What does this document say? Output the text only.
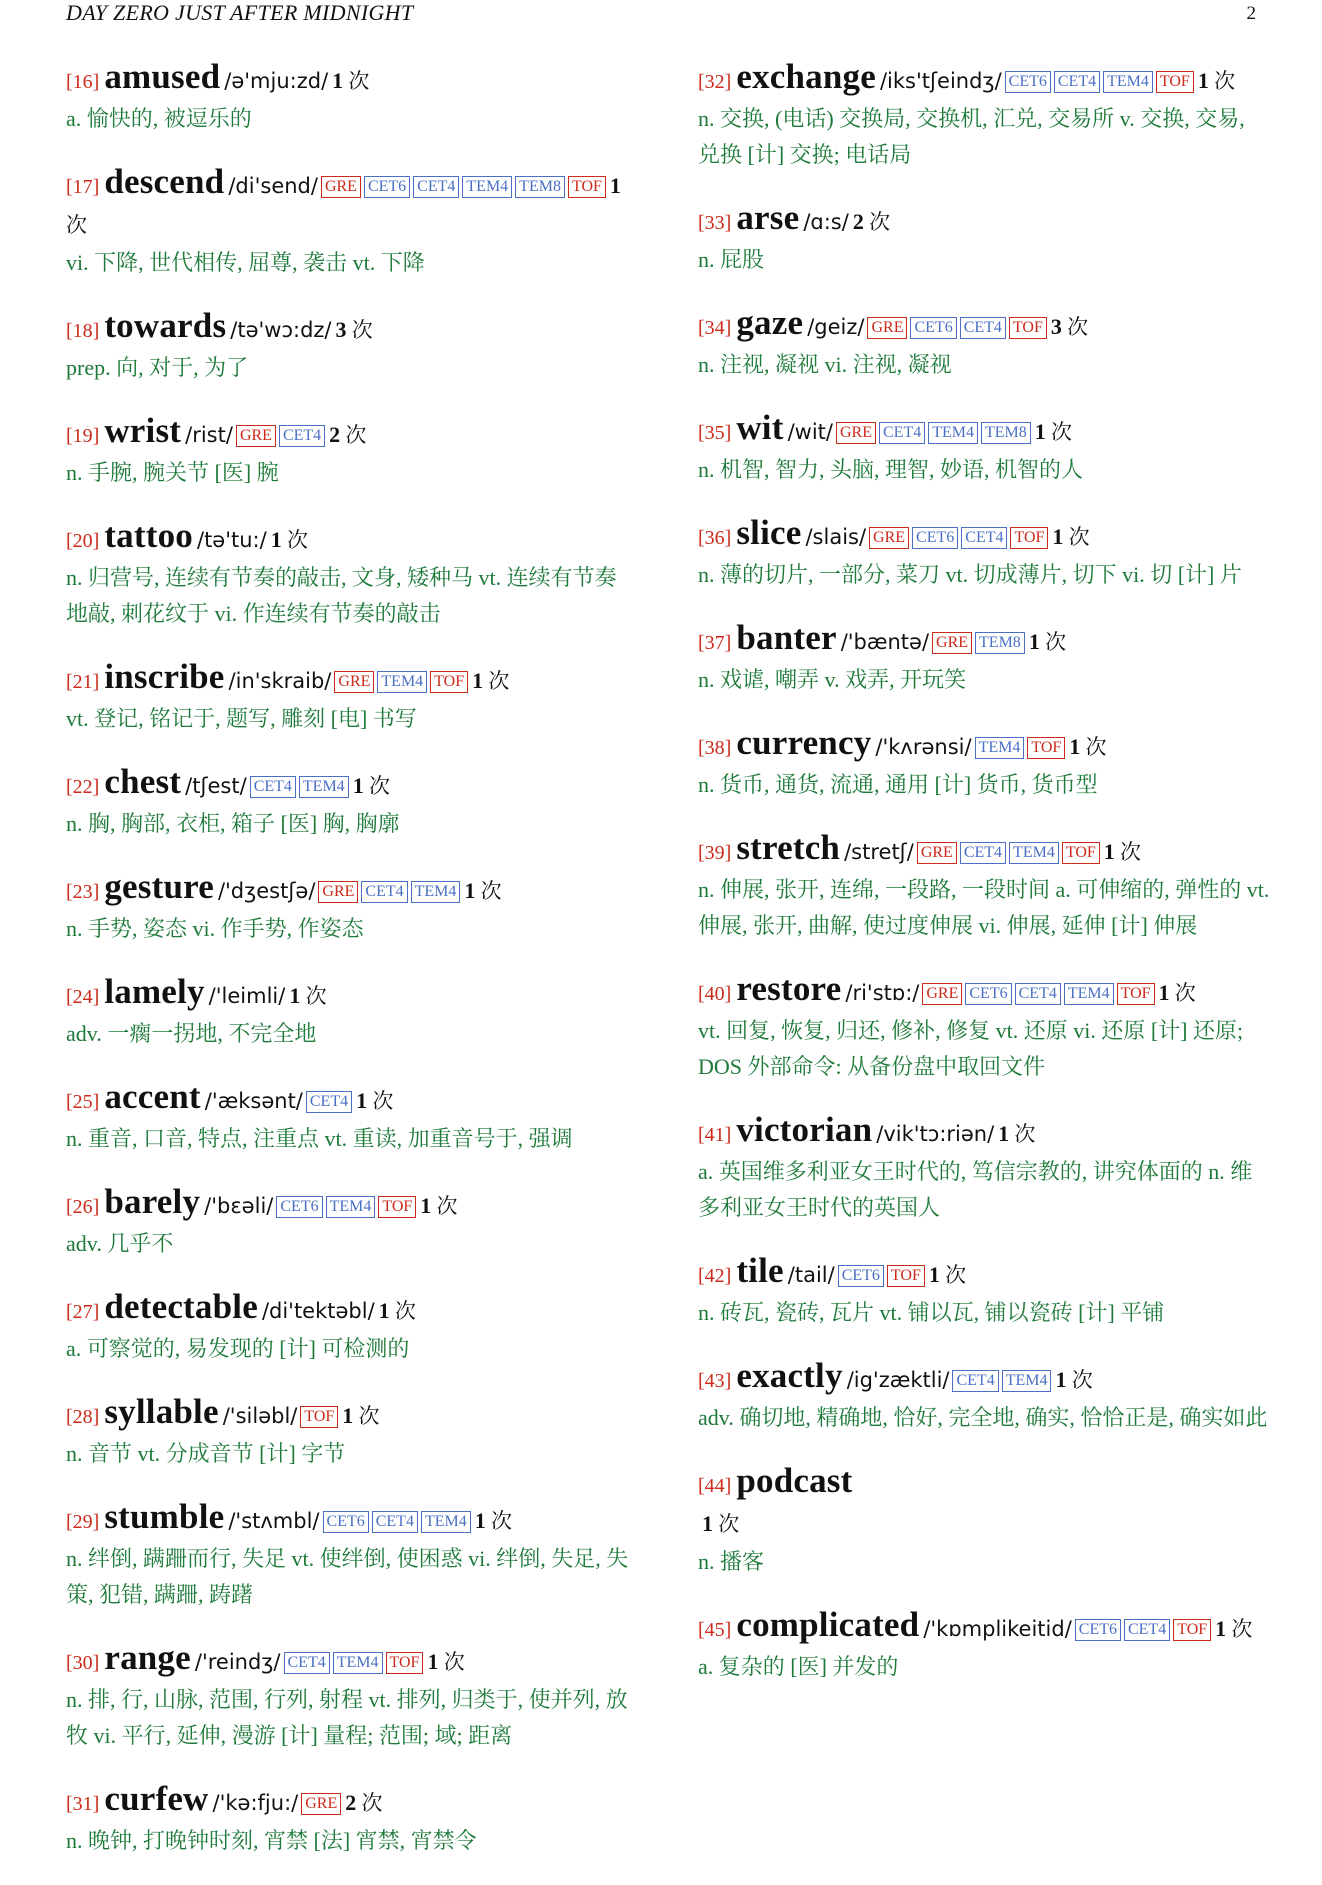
DAY ZERO JUST AFTER MIDNIGHT	2
[16] amused /ə'mju:zd/ 1 次
a. 愉快的, 被逗乐的
[17] descend /di'send/ GRE CET6 CET4 TEM4 TEM8 TOF 1 次
vi. 下降, 世代相传, 屈尊, 袭击 vt. 下降
[18] towards /tə'wɔ:dz/ 3 次
prep. 向, 对于, 为了
[19] wrist /rist/ GRE CET4 2 次
n. 手腕, 腕关节 [医] 腕
[20] tattoo /tə'tu:/ 1 次
n. 归营号, 连续有节奏的敲击, 文身, 矮种马 vt. 连续有节奏地敲, 刺花纹于 vi. 作连续有节奏的敲击
[21] inscribe /in'skraib/ GRE TEM4 TOF 1 次
vt. 登记, 铭记于, 题写, 雕刻 [电] 书写
[22] chest /tʃest/ CET4 TEM4 1 次
n. 胸, 胸部, 衣柜, 箱子 [医] 胸, 胸廓
[23] gesture /'dʒestʃə/ GRE CET4 TEM4 1 次
n. 手势, 姿态 vi. 作手势, 作姿态
[24] lamely /'leimli/ 1 次
adv. 一瘸一拐地, 不完全地
[25] accent /'æksənt/ CET4 1 次
n. 重音, 口音, 特点, 注重点 vt. 重读, 加重音号于, 强调
[26] barely /'bɛəli/ CET6 TEM4 TOF 1 次
adv. 几乎不
[27] detectable /di'tektəbl/ 1 次
a. 可察觉的, 易发现的 [计] 可检测的
[28] syllable /'siləbl/ TOF 1 次
n. 音节 vt. 分成音节 [计] 字节
[29] stumble /'stʌmbl/ CET6 CET4 TEM4 1 次
n. 绊倒, 蹒跚而行, 失足 vt. 使绊倒, 使困惑 vi. 绊倒, 失足, 失策, 犯错, 蹒跚, 踌躇
[30] range /'reindʒ/ CET4 TEM4 TOF 1 次
n. 排, 行, 山脉, 范围, 行列, 射程 vt. 排列, 归类于, 使并列, 放牧 vi. 平行, 延伸, 漫游 [计] 量程; 范围; 域; 距离
[31] curfew /'kə:fju:/ GRE 2 次
n. 晚钟, 打晚钟时刻, 宵禁 [法] 宵禁, 宵禁令
[32] exchange /iks'tʃeindʒ/ CET6 CET4 TEM4 TOF 1 次
n. 交换, (电话) 交换局, 交换机, 汇兑, 交易所 v. 交换, 交易, 兑换 [计] 交换; 电话局
[33] arse /ɑ:s/ 2 次
n. 屁股
[34] gaze /geiz/ GRE CET6 CET4 TOF 3 次
n. 注视, 凝视 vi. 注视, 凝视
[35] wit /wit/ GRE CET4 TEM4 TEM8 1 次
n. 机智, 智力, 头脑, 理智, 妙语, 机智的人
[36] slice /slais/ GRE CET6 CET4 TOF 1 次
n. 薄的切片, 一部分, 菜刀 vt. 切成薄片, 切下 vi. 切 [计] 片
[37] banter /'bæntə/ GRE TEM8 1 次
n. 戏谑, 嘲弄 v. 戏弄, 开玩笑
[38] currency /'kʌrənsi/ TEM4 TOF 1 次
n. 货币, 通货, 流通, 通用 [计] 货币, 货币型
[39] stretch /stretʃ/ GRE CET4 TEM4 TOF 1 次
n. 伸展, 张开, 连绵, 一段路, 一段时间 a. 可伸缩的, 弹性的 vt. 伸展, 张开, 曲解, 使过度伸展 vi. 伸展, 延伸 [计] 伸展
[40] restore /ri'stɒ:/ GRE CET6 CET4 TEM4 TOF 1 次
vt. 回复, 恢复, 归还, 修补, 修复 vt. 还原 vi. 还原 [计] 还原; DOS 外部命令: 从备份盘中取回文件
[41] victorian /vik'tɔ:riən/ 1 次
a. 英国维多利亚女王时代的, 笃信宗教的, 讲究体面的 n. 维多利亚女王时代的英国人
[42] tile /tail/ CET6 TOF 1 次
n. 砖瓦, 瓷砖, 瓦片 vt. 铺以瓦, 铺以瓷砖 [计] 平铺
[43] exactly /ig'zæktli/ CET4 TEM4 1 次
adv. 确切地, 精确地, 恰好, 完全地, 确实, 恰恰正是, 确实如此
[44] podcast
1 次
n. 播客
[45] complicated /'kɒmplikeitid/ CET6 CET4 TOF 1 次
a. 复杂的 [医] 并发的
